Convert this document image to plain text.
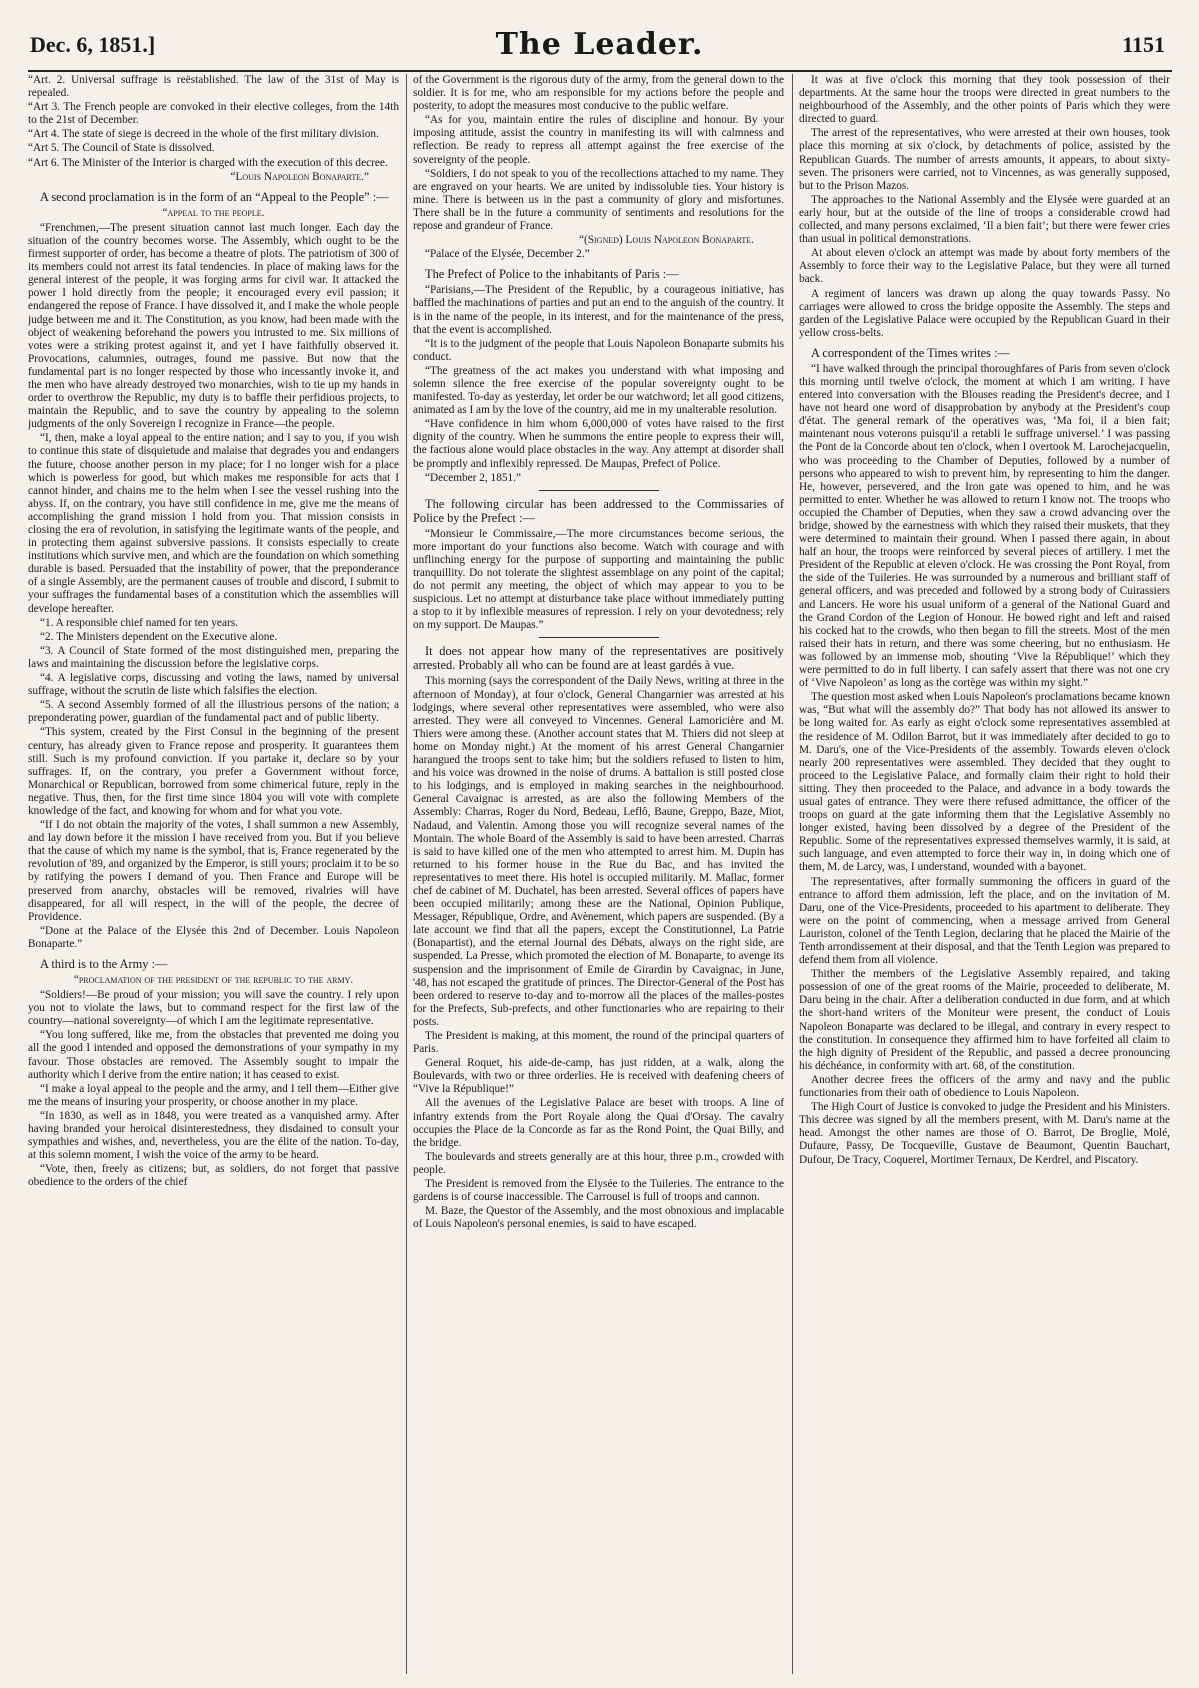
Dec. 6, 1851.]	The Leader.	1151

“Art. 2. Universal suffrage is reëstablished. The law of the 31st of May is repealed.

“Art 3. The French people are convoked in their elective colleges, from the 14th to the 21st of December.

“Art 4. The state of siege is decreed in the whole of the first military division.

“Art 5. The Council of State is dissolved.

“Art 6. The Minister of the Interior is charged with the execution of this decree.

“Louis Napoleon Bonaparte.”

A second proclamation is in the form of an “Appeal to the People” :—

“appeal to the people.

“Frenchmen,—The present situation cannot last much longer. Each day the situation of the country becomes worse. The Assembly, which ought to be the firmest supporter of order, has become a theatre of plots. The patriotism of 300 of its members could not arrest its fatal tendencies. In place of making laws for the general interest of the people, it was forging arms for civil war. It attacked the power I hold directly from the people; it encouraged every evil passion; it endangered the repose of France. I have dissolved it, and I make the whole people judge between me and it. The Constitution, as you know, had been made with the object of weakening beforehand the powers you intrusted to me. Six millions of votes were a striking protest against it, and yet I have faithfully observed it. Provocations, calumnies, outrages, found me passive. But now that the fundamental part is no longer respected by those who incessantly invoke it, and the men who have already destroyed two monarchies, wish to tie up my hands in order to overthrow the Republic, my duty is to baffle their perfidious projects, to maintain the Republic, and to save the country by appealing to the solemn judgments of the only Sovereign I recognize in France—the people.

“I, then, make a loyal appeal to the entire nation; and I say to you, if you wish to continue this state of disquietude and malaise that degrades you and endangers the future, choose another person in my place; for I no longer wish for a place which is powerless for good, but which makes me responsible for acts that I cannot hinder, and chains me to the helm when I see the vessel rushing into the abyss. If, on the contrary, you have still confidence in me, give me the means of accomplishing the grand mission I hold from you. That mission consists in closing the era of revolution, in satisfying the legitimate wants of the people, and in protecting them against subversive passions. It consists especially to create institutions which survive men, and which are the foundation on which something durable is based. Persuaded that the instability of power, that the preponderance of a single Assembly, are the permanent causes of trouble and discord, I submit to your suffrages the fundamental bases of a constitution which the assemblies will develope hereafter.

“1. A responsible chief named for ten years.

“2. The Ministers dependent on the Executive alone.

“3. A Council of State formed of the most distinguished men, preparing the laws and maintaining the discussion before the legislative corps.

“4. A legislative corps, discussing and voting the laws, named by universal suffrage, without the scrutin de liste which falsifies the election.

“5. A second Assembly formed of all the illustrious persons of the nation; a preponderating power, guardian of the fundamental pact and of public liberty.

“This system, created by the First Consul in the beginning of the present century, has already given to France repose and prosperity. It guarantees them still. Such is my profound conviction. If you partake it, declare so by your suffrages. If, on the contrary, you prefer a Government without force, Monarchical or Republican, borrowed from some chimerical future, reply in the negative. Thus, then, for the first time since 1804 you will vote with complete knowledge of the fact, and knowing for whom and for what you vote.

“If I do not obtain the majority of the votes, I shall summon a new Assembly, and lay down before it the mission I have received from you. But if you believe that the cause of which my name is the symbol, that is, France regenerated by the revolution of '89, and organized by the Emperor, is still yours; proclaim it to be so by ratifying the powers I demand of you. Then France and Europe will be preserved from anarchy, obstacles will be removed, rivalries will have disappeared, for all will respect, in the will of the people, the decree of Providence.

“Done at the Palace of the Elysée this 2nd of December. Louis Napoleon Bonaparte.”

A third is to the Army :—

“proclamation of the president of the republic to the army.

“Soldiers!—Be proud of your mission; you will save the country. I rely upon you not to violate the laws, but to command respect for the first law of the country—national sovereignty—of which I am the legitimate representative.

“You long suffered, like me, from the obstacles that prevented me doing you all the good I intended and opposed the demonstrations of your sympathy in my favour. Those obstacles are removed. The Assembly sought to impair the authority which I derive from the entire nation; it has ceased to exist.

“I make a loyal appeal to the people and the army, and I tell them—Either give me the means of insuring your prosperity, or choose another in my place.

“In 1830, as well as in 1848, you were treated as a vanquished army. After having branded your heroical disinterestedness, they disdained to consult your sympathies and wishes, and, nevertheless, you are the élite of the nation. To-day, at this solemn moment, I wish the voice of the army to be heard.

“Vote, then, freely as citizens; but, as soldiers, do not forget that passive obedience to the orders of the chief

of the Government is the rigorous duty of the army, from the general down to the soldier. It is for me, who am responsible for my actions before the people and posterity, to adopt the measures most conducive to the public welfare.

“As for you, maintain entire the rules of discipline and honour. By your imposing attitude, assist the country in manifesting its will with calmness and reflection. Be ready to repress all attempt against the free exercise of the sovereignty of the people.

“Soldiers, I do not speak to you of the recollections attached to my name. They are engraved on your hearts. We are united by indissoluble ties. Your history is mine. There is between us in the past a community of glory and misfortunes. There shall be in the future a community of sentiments and resolutions for the repose and grandeur of France.

“(Signed) Louis Napoleon Bonaparte.

“Palace of the Elysée, December 2.”

The Prefect of Police to the inhabitants of Paris :—

“Parisians,—The President of the Republic, by a courageous initiative, has baffled the machinations of parties and put an end to the anguish of the country. It is in the name of the people, in its interest, and for the maintenance of the press, that the event is accomplished.

“It is to the judgment of the people that Louis Napoleon Bonaparte submits his conduct.

“The greatness of the act makes you understand with what imposing and solemn silence the free exercise of the popular sovereignty ought to be manifested. To-day as yesterday, let order be our watchword; let all good citizens, animated as I am by the love of the country, aid me in my unalterable resolution.

“Have confidence in him whom 6,000,000 of votes have raised to the first dignity of the country. When he summons the entire people to express their will, the factious alone would place obstacles in the way. Any attempt at disorder shall be promptly and inflexibly repressed. De Maupas, Prefect of Police.

“December 2, 1851.”

The following circular has been addressed to the Commissaries of Police by the Prefect :—

“Monsieur le Commissaire,—The more circumstances become serious, the more important do your functions also become. Watch with courage and with unflinching energy for the purpose of supporting and maintaining the public tranquillity. Do not tolerate the slightest assemblage on any point of the capital; do not permit any meeting, the object of which may appear to you to be suspicious. Let no attempt at disturbance take place without immediately putting a stop to it by inflexible measures of repression. I rely on your devotedness; rely on my support. De Maupas.”

It does not appear how many of the representatives are positively arrested. Probably all who can be found are at least gardés à vue.

This morning (says the correspondent of the Daily News, writing at three in the afternoon of Monday), at four o'clock, General Changarnier was arrested at his lodgings, where several other representatives were assembled, who were also arrested. They were all conveyed to Vincennes. General Lamoricière and M. Thiers were among these. (Another account states that M. Thiers did not sleep at home on Monday night.) At the moment of his arrest General Changarnier harangued the troops sent to take him; but the soldiers refused to listen to him, and his voice was drowned in the noise of drums. A battalion is still posted close to his lodgings, and is employed in making searches in the neighbourhood. General Cavaignac is arrested, as are also the following Members of the Assembly: Charras, Roger du Nord, Bedeau, Leflô, Baune, Greppo, Baze, Miot, Nadaud, and Valentin. Among those you will recognize several names of the Montain. The whole Board of the Assembly is said to have been arrested. Charras is said to have killed one of the men who attempted to arrest him. M. Dupin has returned to his former house in the Rue du Bac, and has invited the representatives to meet there. His hotel is occupied militarily. M. Mallac, former chef de cabinet of M. Duchatel, has been arrested. Several offices of papers have been occupied militarily; among these are the National, Opinion Publique, Messager, République, Ordre, and Avènement, which papers are suspended. (By a late account we find that all the papers, except the Constitutionnel, La Patrie (Bonapartist), and the eternal Journal des Débats, always on the right side, are suspended. La Presse, which promoted the election of M. Bonaparte, to avenge its suspension and the imprisonment of Emile de Girardin by Cavaignac, in June, '48, has not escaped the gratitude of princes. The Director-General of the Post has been ordered to reserve to-day and to-morrow all the places of the malles-postes for the Prefects, Sub-prefects, and other functionaries who are repairing to their posts.

The President is making, at this moment, the round of the principal quarters of Paris.

General Roquet, his aide-de-camp, has just ridden, at a walk, along the Boulevards, with two or three orderlies. He is received with deafening cheers of “Vive la République!”

All the avenues of the Legislative Palace are beset with troops. A line of infantry extends from the Port Royale along the Quai d'Orsay. The cavalry occupies the Place de la Concorde as far as the Rond Point, the Quai Billy, and the bridge.

The boulevards and streets generally are at this hour, three p.m., crowded with people.

The President is removed from the Elysée to the Tuileries. The entrance to the gardens is of course inaccessible. The Carrousel is full of troops and cannon.

M. Baze, the Questor of the Assembly, and the most obnoxious and implacable of Louis Napoleon's personal enemies, is said to have escaped.

It was at five o'clock this morning that they took possession of their departments. At the same hour the troops were directed in great numbers to the neighbourhood of the Assembly, and the other points of Paris which they were directed to guard.

The arrest of the representatives, who were arrested at their own houses, took place this morning at six o'clock, by detachments of police, assisted by the Republican Guards. The number of arrests amounts, it appears, to about sixty-seven. The prisoners were carried, not to Vincennes, as was generally supposed, but to the Prison Mazos.

The approaches to the National Assembly and the Elysée were guarded at an early hour, but at the outside of the line of troops a considerable crowd had collected, and many persons exclaimed, ‘Il a bien fait’; but there were fewer cries than usual in political demonstrations.

At about eleven o'clock an attempt was made by about forty members of the Assembly to force their way to the Legislative Palace, but they were all turned back.

A regiment of lancers was drawn up along the quay towards Passy. No carriages were allowed to cross the bridge opposite the Assembly. The steps and garden of the Legislative Palace were occupied by the Republican Guard in their yellow cross-belts.

A correspondent of the Times writes :—

“I have walked through the principal thoroughfares of Paris from seven o'clock this morning until twelve o'clock, the moment at which I am writing. I have entered into conversation with the Blouses reading the President's decree, and I have not heard one word of disapprobation by anybody at the President's coup d'état. The general remark of the operatives was, ‘Ma foi, il a bien fait; maintenant nous voterons puisqu'il a retabli le suffrage universel.’ I was passing the Pont de la Concorde about ten o'clock, when I overtook M. Larochejacquelin, who was proceeding to the Chamber of Deputies, followed by a number of persons who appeared to wish to prevent him, by representing to him the danger. He, however, persevered, and the Iron gate was opened to him, and he was permitted to enter. Whether he was allowed to return I know not. The troops who occupied the Chamber of Deputies, when they saw a crowd advancing over the bridge, showed by the earnestness with which they raised their muskets, that they were determined to maintain their ground. When I passed there again, in about half an hour, the troops were reinforced by several pieces of artillery. I met the President of the Republic at eleven o'clock. He was crossing the Pont Royal, from the side of the Tuileries. He was surrounded by a numerous and brilliant staff of general officers, and was preceded and followed by a strong body of Cuirassiers and Lancers. He wore his usual uniform of a general of the National Guard and the Grand Cordon of the Legion of Honour. He bowed right and left and raised his cocked hat to the crowds, who then began to fill the streets. Most of the men raised their hats in return, and there was some cheering, but no enthusiasm. He was followed by an immense mob, shouting ‘Vive la République!’ which they were permitted to do in full liberty. I can safely assert that there was not one cry of ‘Vive Napoleon’ as long as the cortège was within my sight.”

The question most asked when Louis Napoleon's proclamations became known was, “But what will the assembly do?” That body has not allowed its answer to be long waited for. As early as eight o'clock some representatives assembled at the residence of M. Odilon Barrot, but it was immediately after decided to go to M. Daru's, one of the Vice-Presidents of the assembly. Towards eleven o'clock nearly 200 representatives were assembled. They decided that they ought to proceed to the Legislative Palace, and formally claim their right to hold their sitting. They then proceeded to the Palace, and advance in a body towards the usual gates of entrance. They were there refused admittance, the officer of the troops on guard at the gate informing them that the Legislative Assembly no longer existed, having been dissolved by a degree of the President of the Republic. Some of the representatives expressed themselves warmly, it is said, at such language, and even attempted to force their way in, in doing which one of them, M. de Larcy, was, I understand, wounded with a bayonet.

The representatives, after formally summoning the officers in guard of the entrance to afford them admission, left the place, and on the invitation of M. Daru, one of the Vice-Presidents, proceeded to his apartment to deliberate. They were on the point of commencing, when a message arrived from General Lauriston, colonel of the Tenth Legion, declaring that he placed the Mairie of the Tenth arrondissement at their disposal, and that the Tenth Legion was prepared to defend them from all violence.

Thither the members of the Legislative Assembly repaired, and taking possession of one of the great rooms of the Mairie, proceeded to deliberate, M. Daru being in the chair. After a deliberation conducted in due form, and at which the short-hand writers of the Moniteur were present, the conduct of Louis Napoleon Bonaparte was declared to be illegal, and contrary in every respect to the constitution. In consequence they affirmed him to have forfeited all claim to the high dignity of President of the Republic, and passed a decree pronouncing his déchéance, in conformity with art. 68, of the constitution.

Another decree frees the officers of the army and navy and the public functionaries from their oath of obedience to Louis Napoleon.

The High Court of Justice is convoked to judge the President and his Ministers. This decree was signed by all the members present, with M. Daru's name at the head. Amongst the other names are those of O. Barrot, De Broglie, Molé, Dufaure, Passy, De Tocqueville, Gustave de Beaumont, Quentin Bauchart, Dufour, De Tracy, Coquerel, Mortimer Ternaux, De Kerdrel, and Piscatory.
